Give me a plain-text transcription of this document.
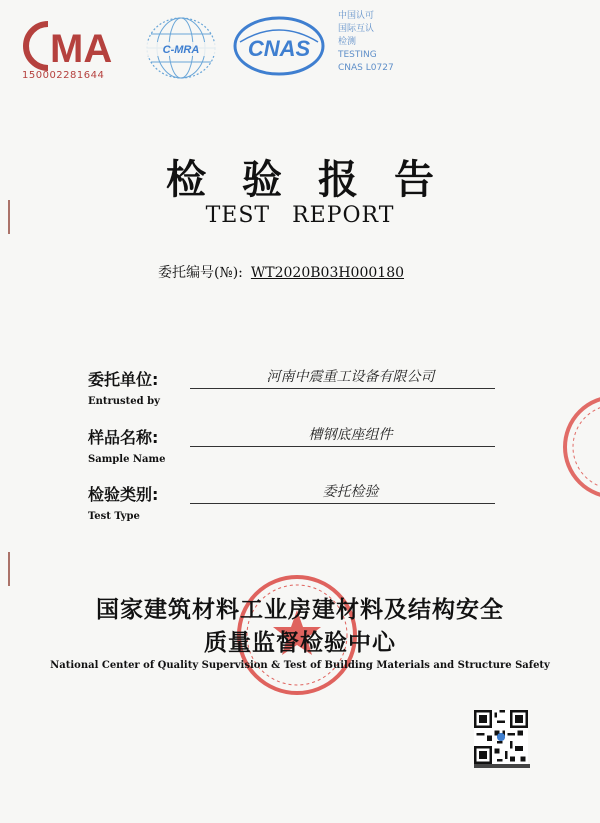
MA
150002281644
C-MRA CNAS
中国认可
国际互认
检测
TESTING
CNAS L0727
检验报告
TEST REPORT
委托编号(№): WT2020B03H000180
委托单位:
Entrusted by
河南中震重工设备有限公司
样品名称:
Sample Name
槽钢底座组件
检验类别:
Test Type
委托检验
国家建筑材料工业房建材料及结构安全
质量监督检验中心
National Center of Quality Supervision & Test of Building Materials and Structure Safety
